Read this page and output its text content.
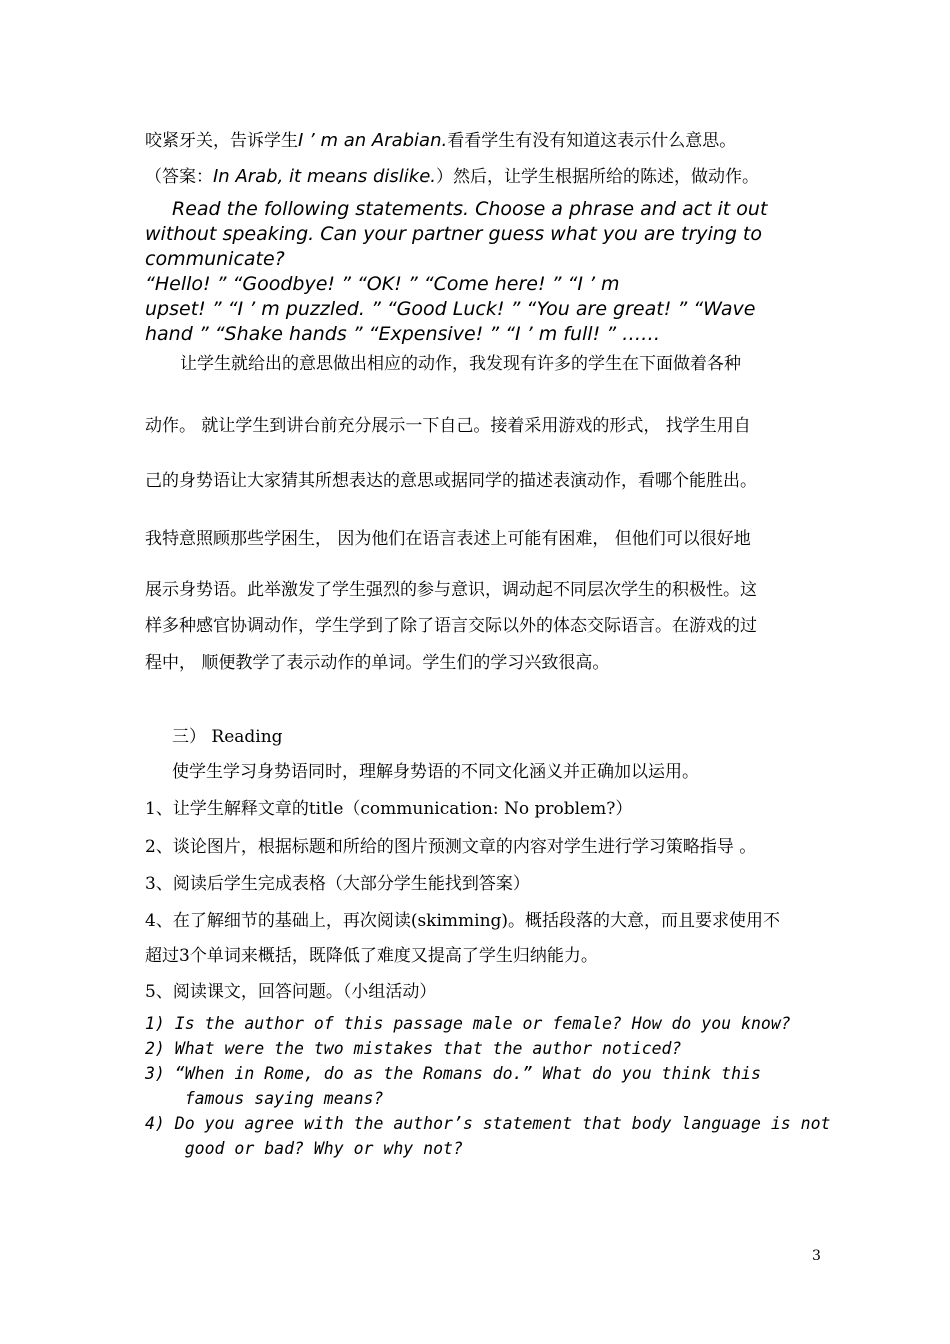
咬紧牙关，告诉学生I ’ m an Arabian.看看学生有没有知道这表示什么意思。
（答案：In Arab, it means dislike.）然后，让学生根据所给的陈述，做动作。
Read the following statements. Choose a phrase and act it out
without speaking. Can your partner guess what you are trying to
communicate?
“Hello! ” “Goodbye! ” “OK! ” “Come here! ” “I ’ m
upset! ” “I ’ m puzzled. ” “Good Luck! ” “You are great! ” “Wave
hand ” “Shake hands ” “Expensive! ” “I ’ m full! ” ……
让学生就给出的意思做出相应的动作，我发现有许多的学生在下面做着各种
动作。 就让学生到讲台前充分展示一下自己。接着采用游戏的形式， 找学生用自
己的身势语让大家猜其所想表达的意思或据同学的描述表演动作，看哪个能胜出。
我特意照顾那些学困生， 因为他们在语言表述上可能有困难， 但他们可以很好地
展示身势语。此举激发了学生强烈的参与意识，调动起不同层次学生的积极性。这
样多种感官协调动作，学生学到了除了语言交际以外的体态交际语言。在游戏的过
程中， 顺便教学了表示动作的单词。学生们的学习兴致很高。
三） Reading
使学生学习身势语同时，理解身势语的不同文化涵义并正确加以运用。
1、让学生解释文章的title（communication: No problem?）
2、谈论图片，根据标题和所给的图片预测文章的内容对学生进行学习策略指导 。
3、阅读后学生完成表格（大部分学生能找到答案）
4、在了解细节的基础上，再次阅读(skimming)。概括段落的大意，而且要求使用不
超过3个单词来概括，既降低了难度又提高了学生归纳能力。
5、阅读课文，回答问题。（小组活动）
1) Is the author of this passage male or female? How do you know?
2) What were the two mistakes that the author noticed?
3) “When in Rome, do as the Romans do.” What do you think this
famous saying means?
4) Do you agree with the author’s statement that body language is not
good or bad? Why or why not?
3
